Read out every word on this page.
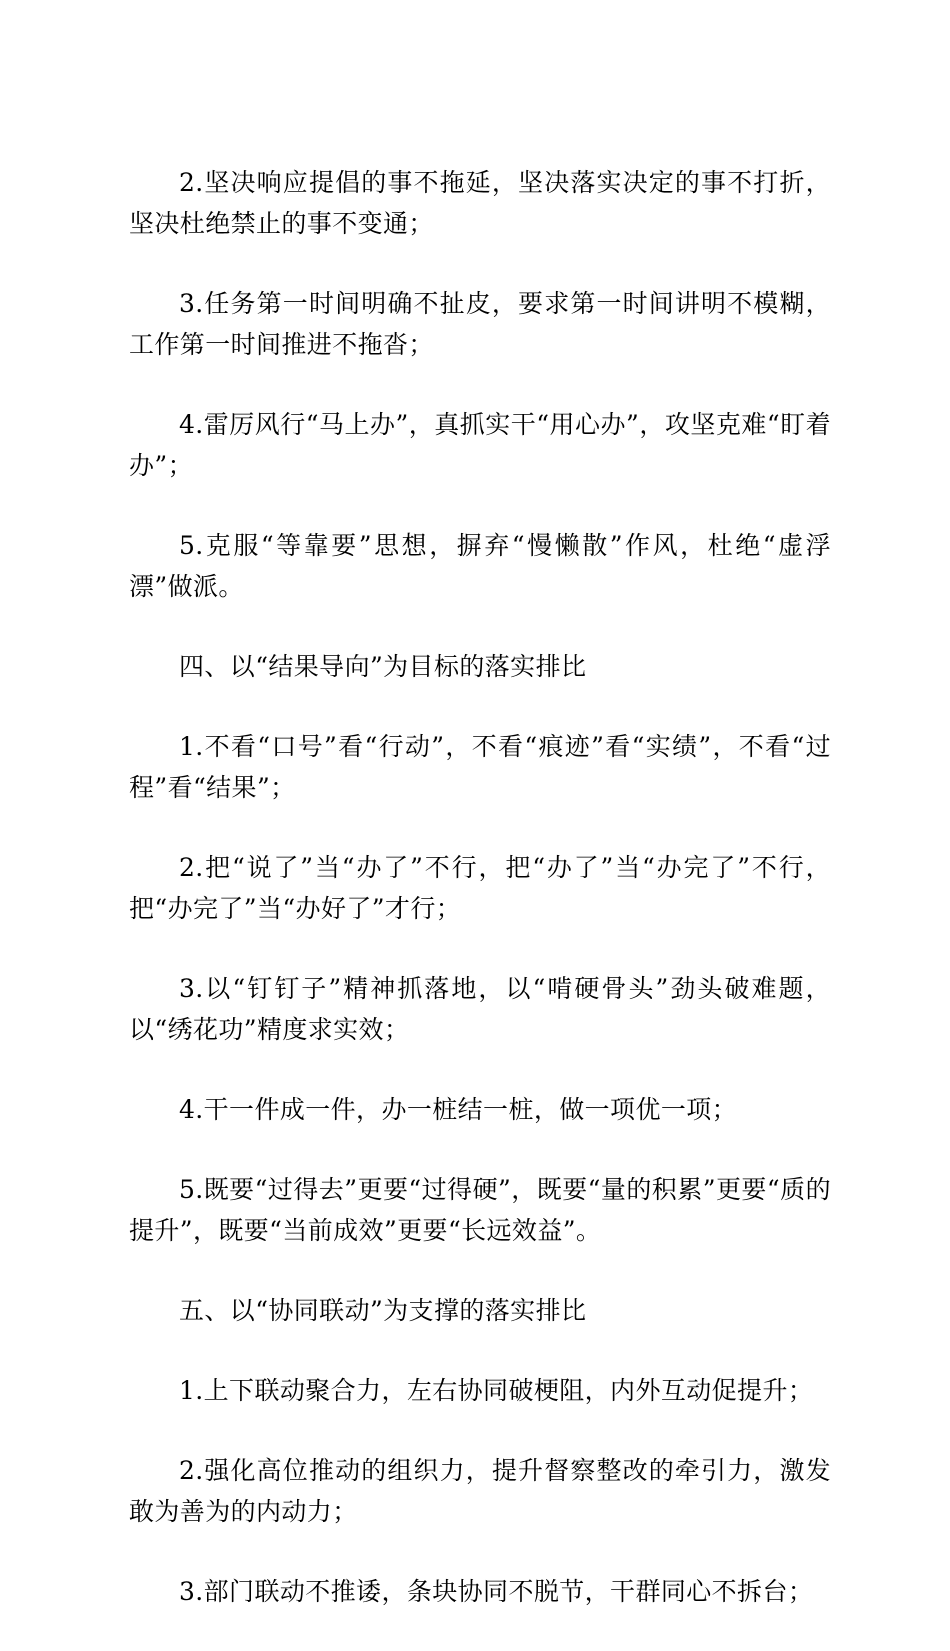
2.坚决响应提倡的事不拖延，坚决落实决定的事不打折，坚决杜绝禁止的事不变通；

3.任务第一时间明确不扯皮，要求第一时间讲明不模糊，工作第一时间推进不拖沓；

4.雷厉风行“马上办”，真抓实干“用心办”，攻坚克难“盯着办”；

5.克服“等靠要”思想，摒弃“慢懒散”作风，杜绝“虚浮漂”做派。

四、以“结果导向”为目标的落实排比

1.不看“口号”看“行动”，不看“痕迹”看“实绩”，不看“过程”看“结果”；

2.把“说了”当“办了”不行，把“办了”当“办完了”不行，把“办完了”当“办好了”才行；

3.以“钉钉子”精神抓落地，以“啃硬骨头”劲头破难题，以“绣花功”精度求实效；

4.干一件成一件，办一桩结一桩，做一项优一项；

5.既要“过得去”更要“过得硬”，既要“量的积累”更要“质的提升”，既要“当前成效”更要“长远效益”。

五、以“协同联动”为支撑的落实排比

1.上下联动聚合力，左右协同破梗阻，内外互动促提升；

2.强化高位推动的组织力，提升督察整改的牵引力，激发敢为善为的内动力；

3.部门联动不推诿，条块协同不脱节，干群同心不拆台；
